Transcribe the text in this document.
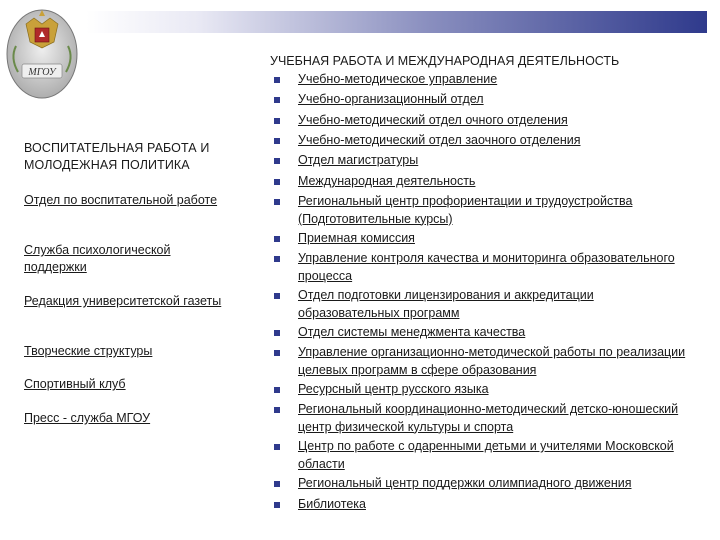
МГОУ
ВОСПИТАТЕЛЬНАЯ РАБОТА И МОЛОДЕЖНАЯ ПОЛИТИКА
Отдел по воспитательной работе
Служба психологической поддержки
Редакция университетской газеты
Творческие структуры
Спортивный клуб
Пресс - служба МГОУ
УЧЕБНАЯ РАБОТА И МЕЖДУНАРОДНАЯ ДЕЯТЕЛЬНОСТЬ
Учебно-методическое управление
Учебно-организационный отдел
Учебно-методический отдел очного отделения
Учебно-методический отдел заочного отделения
Отдел магистратуры
Международная деятельность
Региональный центр профориентации и трудоустройства (Подготовительные курсы)
Приемная комиссия
Управление контроля качества и мониторинга образовательного процесса
Отдел подготовки лицензирования и аккредитации образовательных программ
Отдел системы менеджмента качества
Управление организационно-методической работы по реализации целевых программ в сфере образования
Ресурсный центр русского языка
Региональный координационно-методический детско-юношеский центр физической культуры и спорта
Центр по работе с одаренными детьми и учителями Московской области
Региональный центр поддержки олимпиадного движения
Библиотека
